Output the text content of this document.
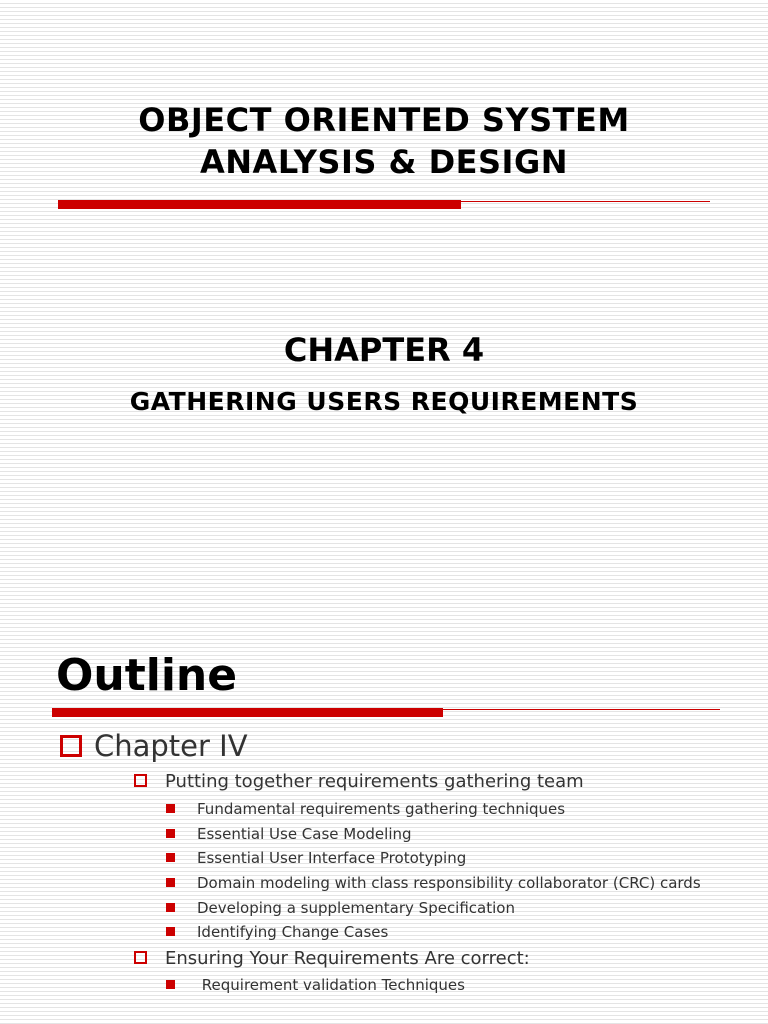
OBJECT ORIENTED SYSTEM
ANALYSIS & DESIGN
CHAPTER 4
GATHERING USERS REQUIREMENTS
Outline
Chapter IV
Putting together requirements gathering team
Fundamental requirements gathering techniques
Essential Use Case Modeling
Essential User Interface Prototyping
Domain modeling with class responsibility collaborator (CRC) cards
Developing a supplementary Specification
Identifying Change Cases
Ensuring Your Requirements Are correct:
Requirement validation Techniques
